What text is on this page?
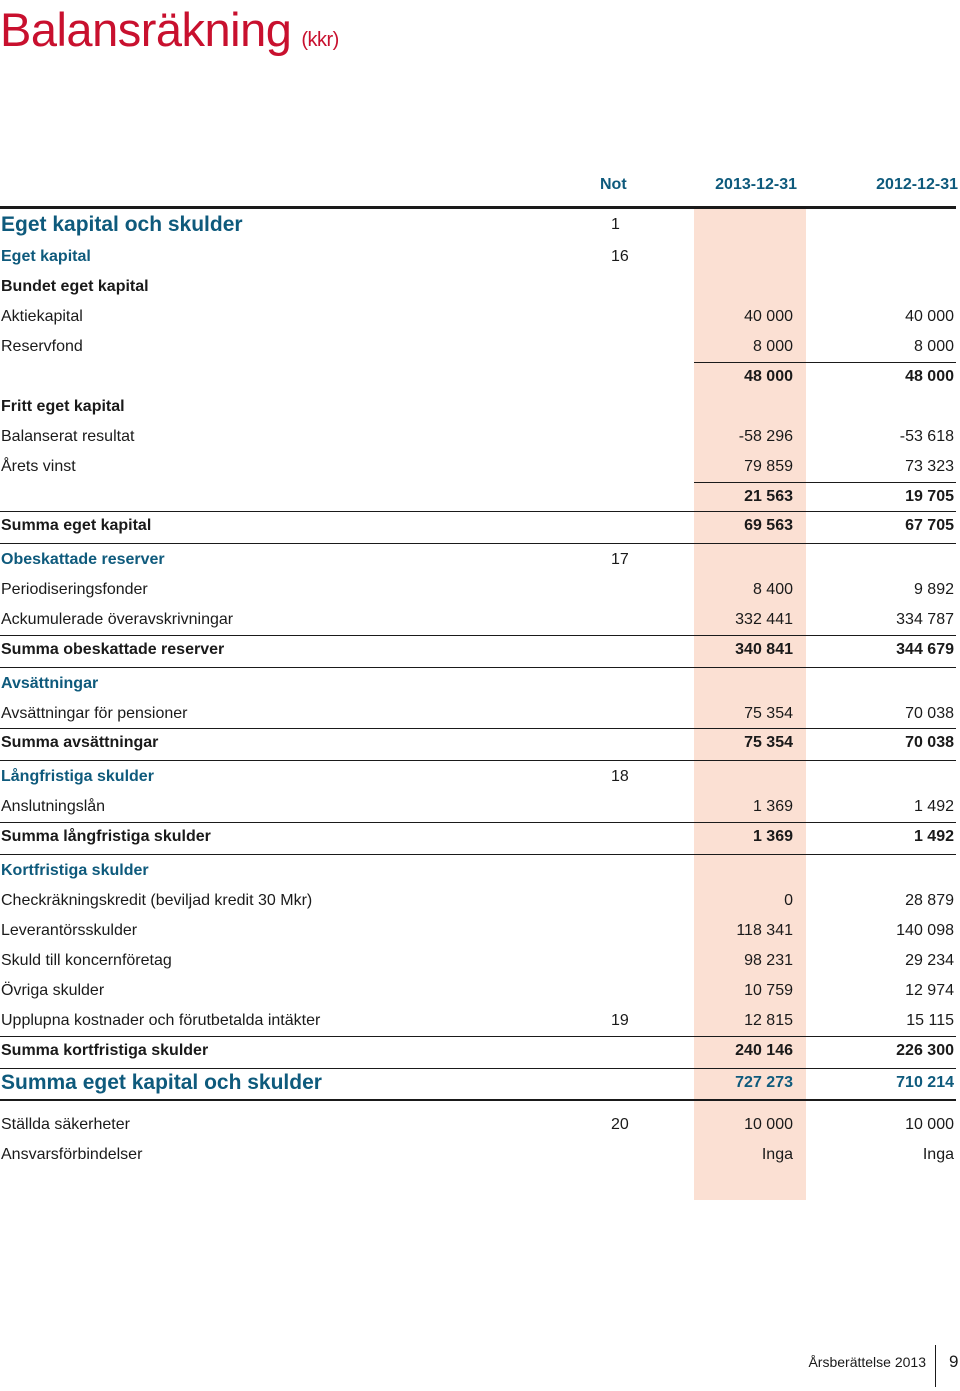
Balansräkning (kkr)
Not	2013-12-31	2012-12-31
Eget kapital och skulder	1
Eget kapital	16
Bundet eget kapital
Aktiekapital	40 000	40 000
Reservfond	8 000	8 000
48 000	48 000
Fritt eget kapital
Balanserat resultat	-58 296	-53 618
Årets vinst	79 859	73 323
21 563	19 705
Summa eget kapital	69 563	67 705
Obeskattade reserver	17
Periodiseringsfonder	8 400	9 892
Ackumulerade överavskrivningar	332 441	334 787
Summa obeskattade reserver	340 841	344 679
Avsättningar
Avsättningar för pensioner	75 354	70 038
Summa avsättningar	75 354	70 038
Långfristiga skulder	18
Anslutningslån	1 369	1 492
Summa långfristiga skulder	1 369	1 492
Kortfristiga skulder
Checkräkningskredit (beviljad kredit 30 Mkr)	0	28 879
Leverantörsskulder	118 341	140 098
Skuld till koncernföretag	98 231	29 234
Övriga skulder	10 759	12 974
Upplupna kostnader och förutbetalda intäkter	19	12 815	15 115
Summa kortfristiga skulder	240 146	226 300
Summa eget kapital och skulder	727 273	710 214
Ställda säkerheter	20	10 000	10 000
Ansvarsförbindelser	Inga	Inga
Årsberättelse 2013 9
